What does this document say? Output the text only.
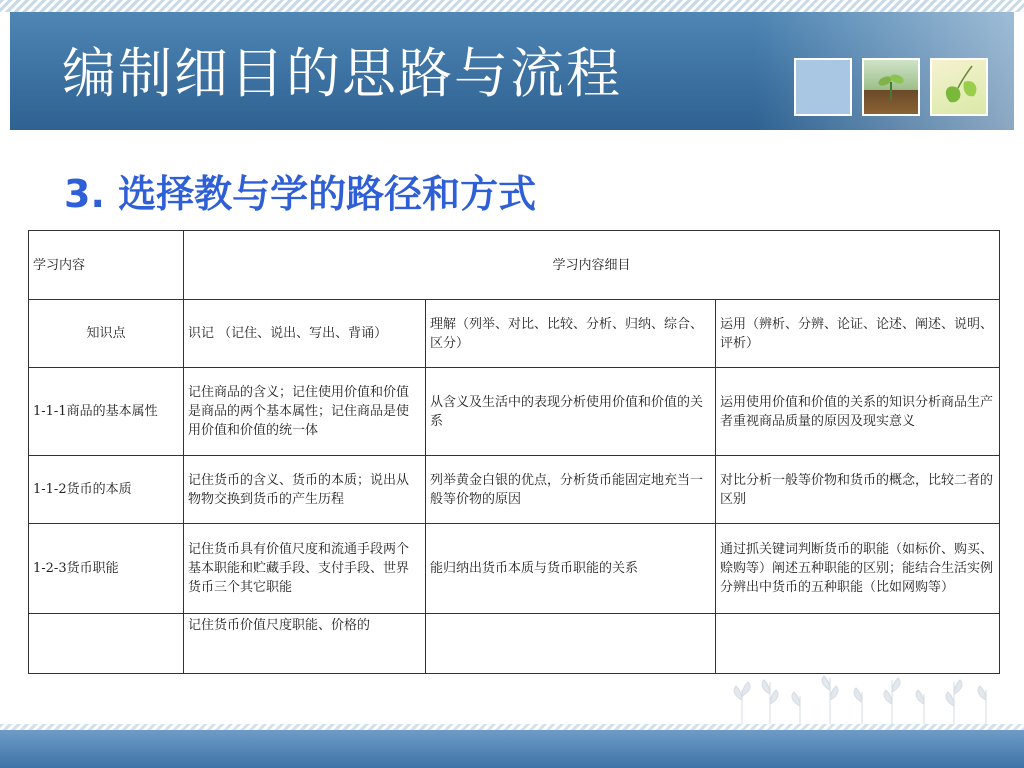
编制细目的思路与流程
3. 选择教与学的路径和方式
学习内容	学习内容细目		
知识点	识记 （记住、说出、写出、背诵）	理解（列举、对比、比较、分析、归纳、综合、区分）	运用（辨析、分辨、论证、论述、阐述、说明、评析）
1-1-1商品的基本属性	记住商品的含义；记住使用价值和价值是商品的两个基本属性；记住商品是使用价值和价值的统一体	从含义及生活中的表现分析使用价值和价值的关系	运用使用价值和价值的关系的知识分析商品生产者重视商品质量的原因及现实意义
1-1-2货币的本质	记住货币的含义、货币的本质；说出从物物交换到货币的产生历程	列举黄金白银的优点，分析货币能固定地充当一般等价物的原因	对比分析一般等价物和货币的概念，比较二者的区别
1-2-3货币职能	记住货币具有价值尺度和流通手段两个基本职能和贮藏手段、支付手段、世界货币三个其它职能	能归纳出货币本质与货币职能的关系	通过抓关键词判断货币的职能（如标价、购买、赊购等）阐述五种职能的区别；能结合生活实例分辨出中货币的五种职能（比如网购等）
	记住货币价值尺度职能、价格的		
